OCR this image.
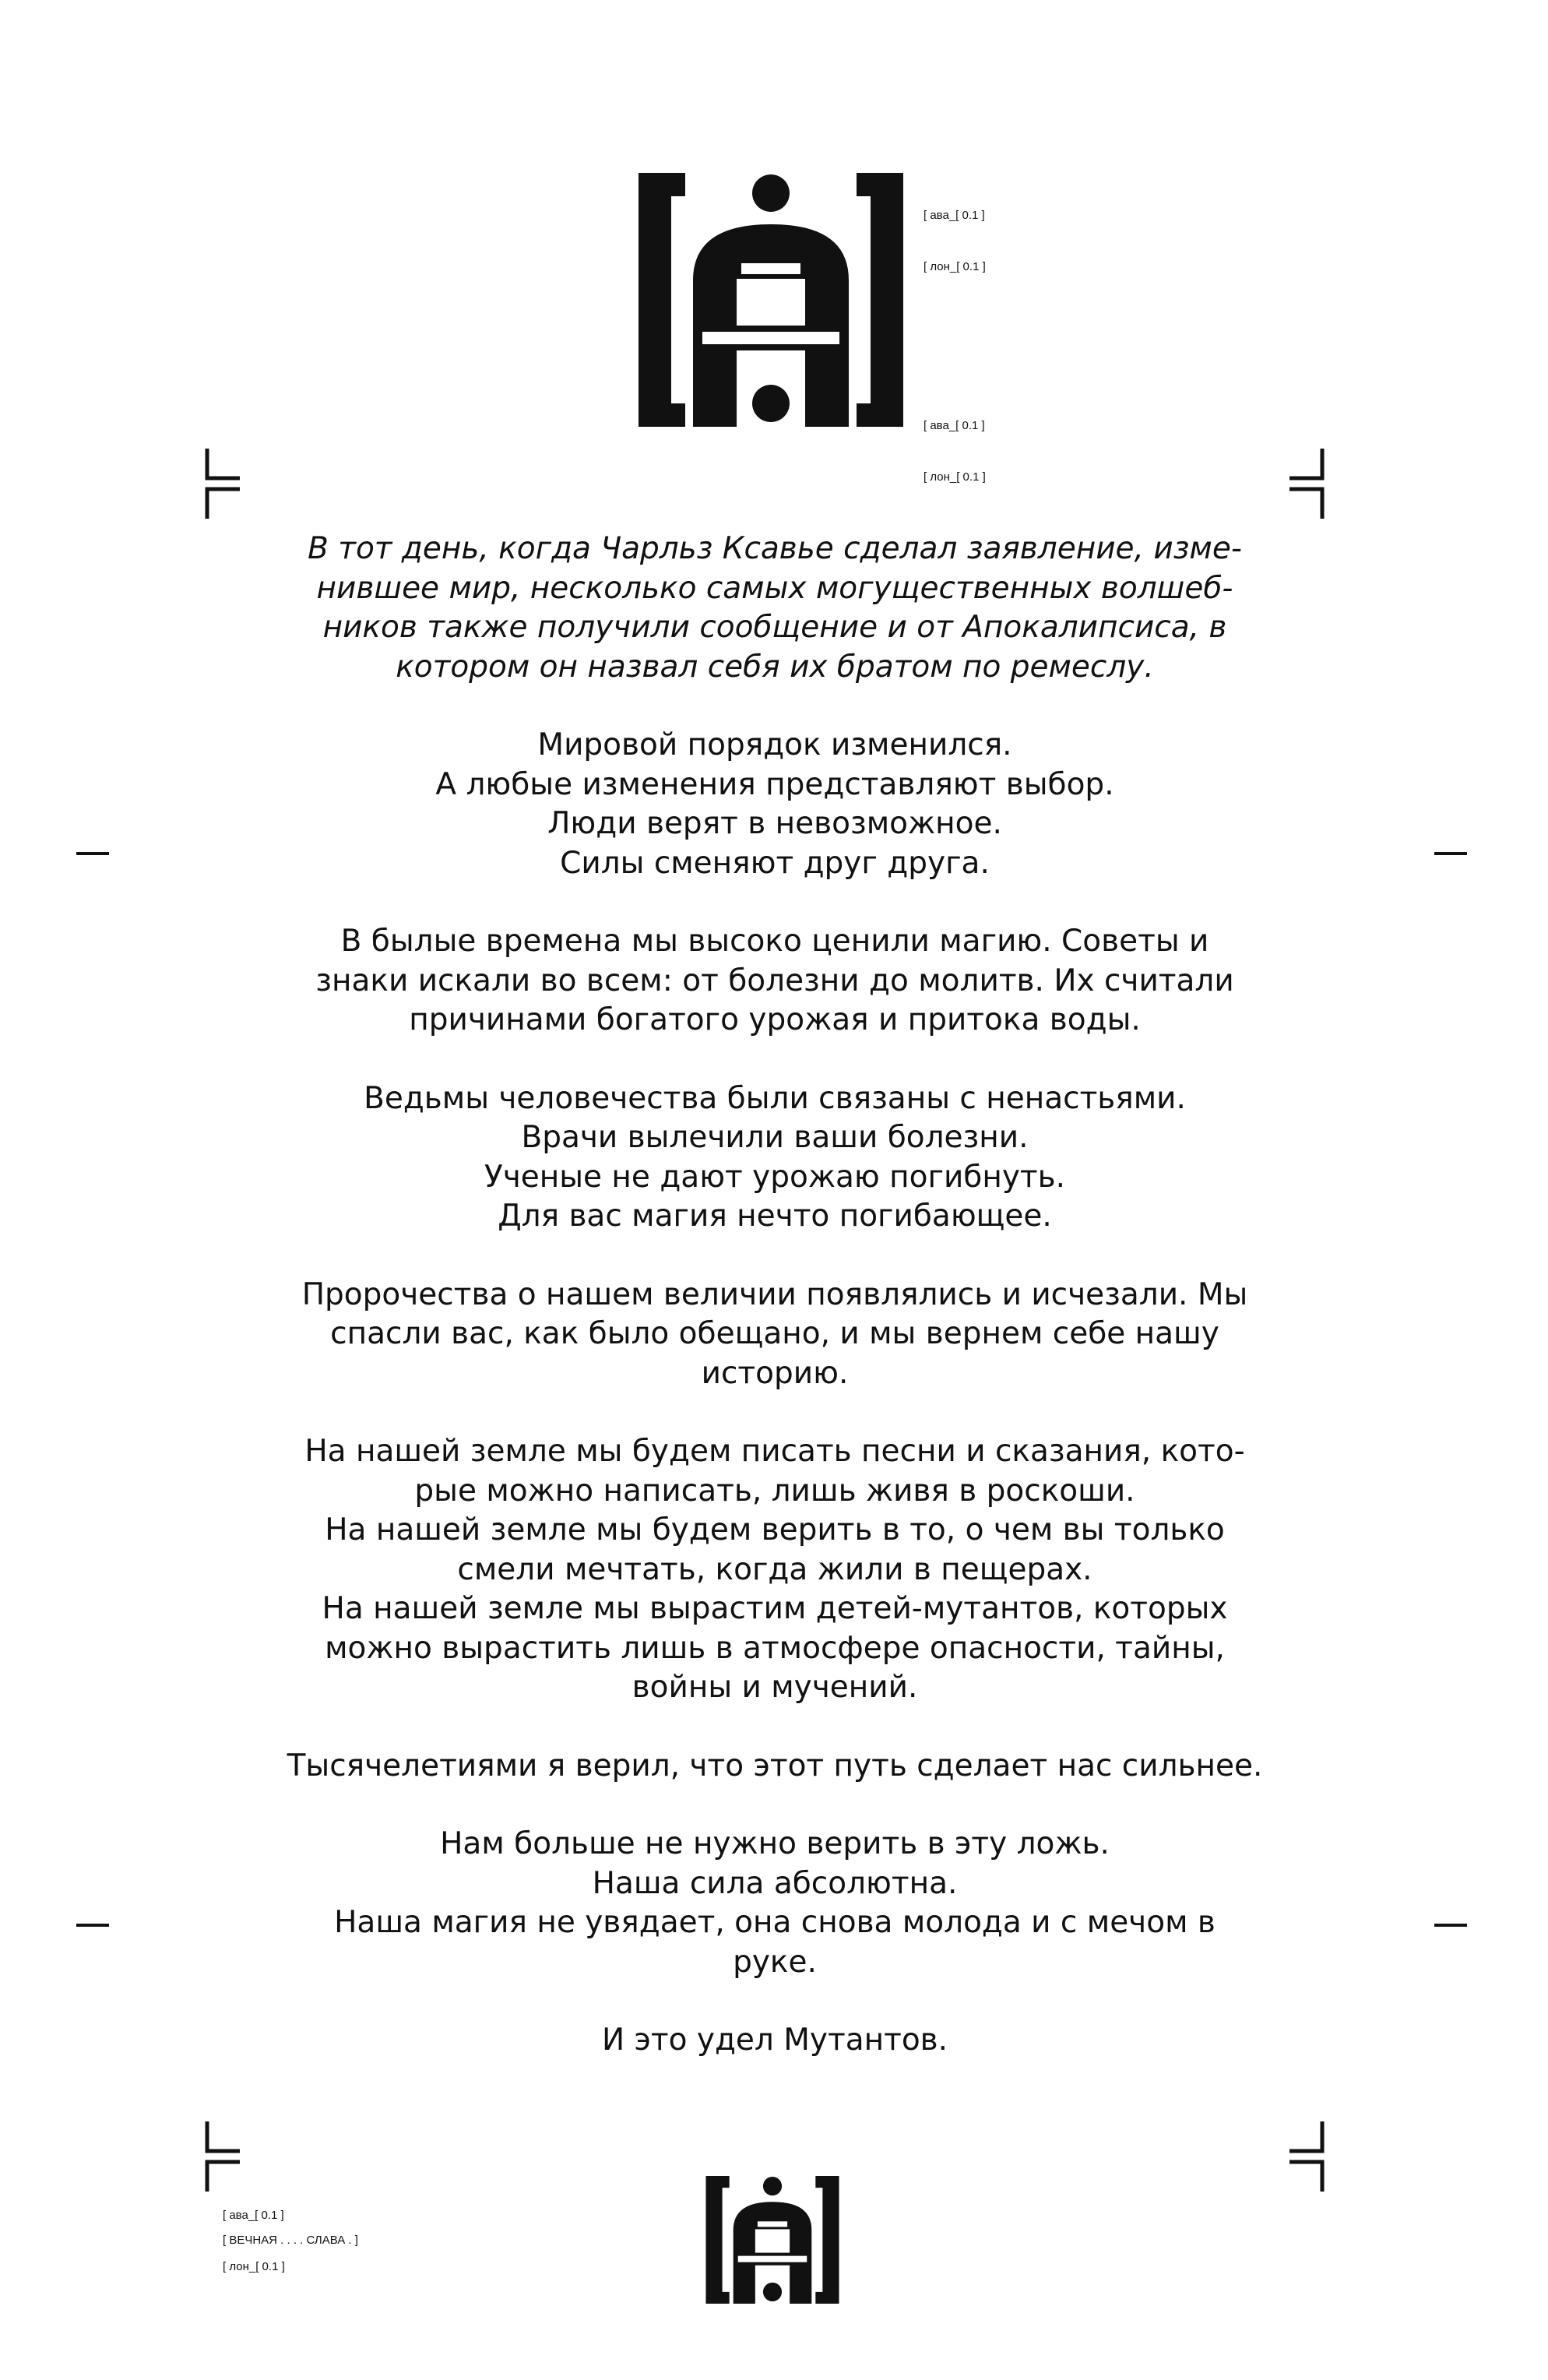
[ ава_[ 0.1 ]

[ лон_[ 0.1 ]

[ ава_[ 0.1 ]

[ лон_[ 0.1 ]

В тот день, когда Чарльз Ксавье сделал заявление, изме-
нившее мир, несколько самых могущественных волшеб-
ников также получили сообщение и от Апокалипсиса, в
котором он назвал себя их братом по ремеслу.

Мировой порядок изменился.
А любые изменения представляют выбор.
Люди верят в невозможное.
Силы сменяют друг друга.

В былые времена мы высоко ценили магию. Советы и
знаки искали во всем: от болезни до молитв. Их считали
причинами богатого урожая и притока воды.

Ведьмы человечества были связаны с ненастьями.
Врачи вылечили ваши болезни.
Ученые не дают урожаю погибнуть.
Для вас магия нечто погибающее.

Пророчества о нашем величии появлялись и исчезали. Мы
спасли вас, как было обещано, и мы вернем себе нашу
историю.

На нашей земле мы будем писать песни и сказания, кото-
рые можно написать, лишь живя в роскоши.
На нашей земле мы будем верить в то, о чем вы только
смели мечтать, когда жили в пещерах.
На нашей земле мы вырастим детей-мутантов, которых
можно вырастить лишь в атмосфере опасности, тайны,
войны и мучений.

Тысячелетиями я верил, что этот путь сделает нас сильнее.

Нам больше не нужно верить в эту ложь.
Наша сила абсолютна.
Наша магия не увядает, она снова молода и с мечом в
руке.

И это удел Мутантов.

[ ава_[ 0.1 ]

[ лон_[ 0.1 ]

[ ВЕЧНАЯ . . . . СЛАВА . ]
